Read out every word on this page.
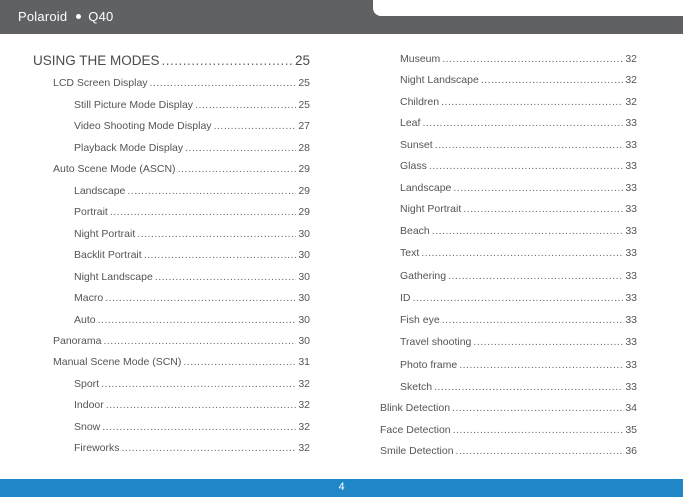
Polaroid Q40
USING THE MODES .....	25
LCD Screen Display .....	25
Still Picture Mode Display .....	25
Video Shooting Mode Display .....	27
Playback Mode Display .....	28
Auto Scene Mode (ASCN) .....	29
Landscape .....	29
Portrait .....	29
Night Portrait .....	30
Backlit Portrait .....	30
Night Landscape .....	30
Macro .....	30
Auto .....	30
Panorama .....	30
Manual Scene Mode (SCN) .....	31
Sport .....	32
Indoor .....	32
Snow .....	32
Fireworks .....	32
Museum .....	32
Night Landscape .....	32
Children .....	32
Leaf .....	33
Sunset .....	33
Glass .....	33
Landscape .....	33
Night Portrait .....	33
Beach .....	33
Text .....	33
Gathering .....	33
ID .....	33
Fish eye .....	33
Travel shooting .....	33
Photo frame .....	33
Sketch .....	33
Blink Detection .....	34
Face Detection .....	35
Smile Detection .....	36
4
